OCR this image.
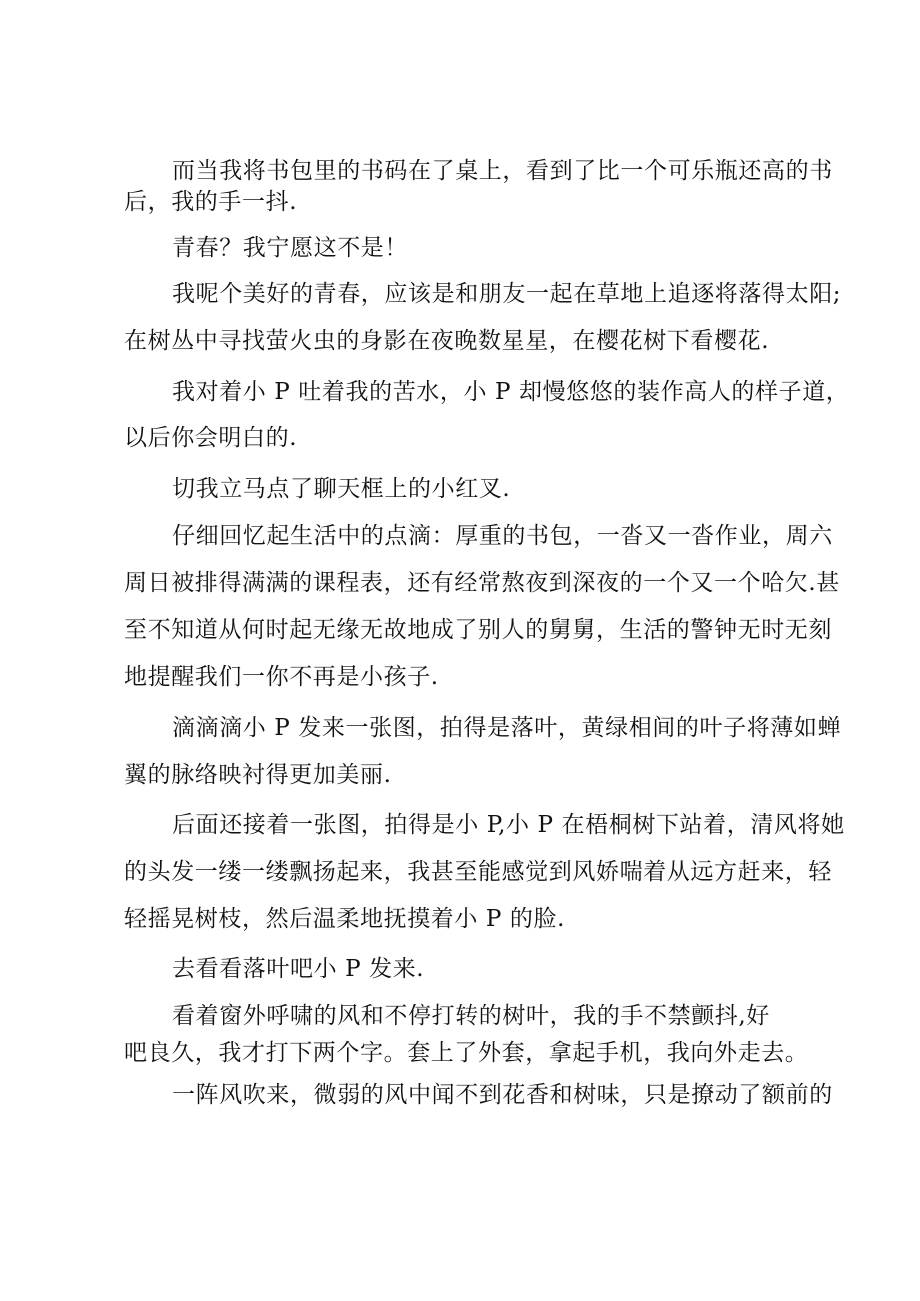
而当我将书包里的书码在了桌上，看到了比一个可乐瓶还高的书

后，我的手一抖.

青春？我宁愿这不是！

我呢个美好的青春，应该是和朋友一起在草地上追逐将落得太阳;

在树丛中寻找萤火虫的身影在夜晚数星星，在樱花树下看樱花.

我对着小 P 吐着我的苦水，小 P 却慢悠悠的装作高人的样子道，

以后你会明白的.

切我立马点了聊天框上的小红叉.

仔细回忆起生活中的点滴：厚重的书包，一沓又一沓作业，周六

周日被排得满满的课程表，还有经常熬夜到深夜的一个又一个哈欠.甚

至不知道从何时起无缘无故地成了别人的舅舅，生活的警钟无时无刻

地提醒我们一你不再是小孩子.

滴滴滴小 P 发来一张图，拍得是落叶，黄绿相间的叶子将薄如蝉

翼的脉络映衬得更加美丽.

后面还接着一张图，拍得是小 P,小 P 在梧桐树下站着，清风将她

的头发一缕一缕飘扬起来，我甚至能感觉到风娇喘着从远方赶来，轻

轻摇晃树枝，然后温柔地抚摸着小 P 的脸.

去看看落叶吧小 P 发来.

看着窗外呼啸的风和不停打转的树叶，我的手不禁颤抖,好

吧良久，我才打下两个字。套上了外套，拿起手机，我向外走去。

一阵风吹来，微弱的风中闻不到花香和树味，只是撩动了额前的
